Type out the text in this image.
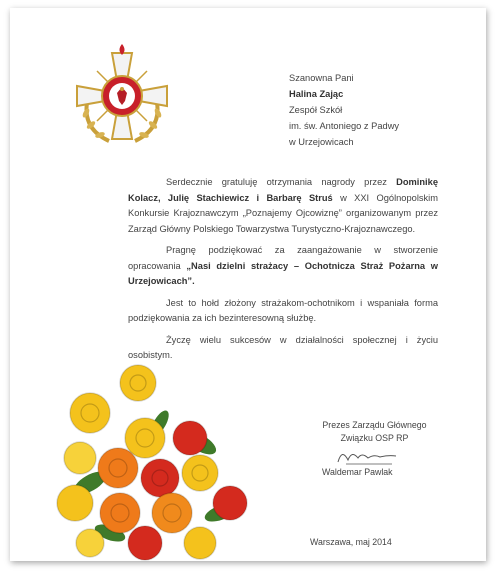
Szanowna Pani
Halina Zając
Zespół Szkół
im. św. Antoniego z Padwy
w Urzejowicach

Serdecznie gratuluję otrzymania nagrody przez Dominikę Kolacz, Julię Stachiewicz i Barbarę Struś w XXI Ogólnopolskim Konkursie Krajoznawczym „Poznajemy Ojcowiznę” organizowanym przez Zarząd Główny Polskiego Towarzystwa Turystyczno-Krajoznawczego.

Pragnę podziękować za zaangażowanie w stworzenie opracowania „Nasi dzielni strażacy – Ochotnicza Straż Pożarna w Urzejowicach”.

Jest to hołd złożony strażakom-ochotnikom i wspaniała forma podziękowania za ich bezinteresowną służbę.

Życzę wielu sukcesów w działalności społecznej i życiu osobistym.

Prezes Zarządu Głównego
Związku OSP RP
Waldemar Pawlak
Warszawa, maj 2014
